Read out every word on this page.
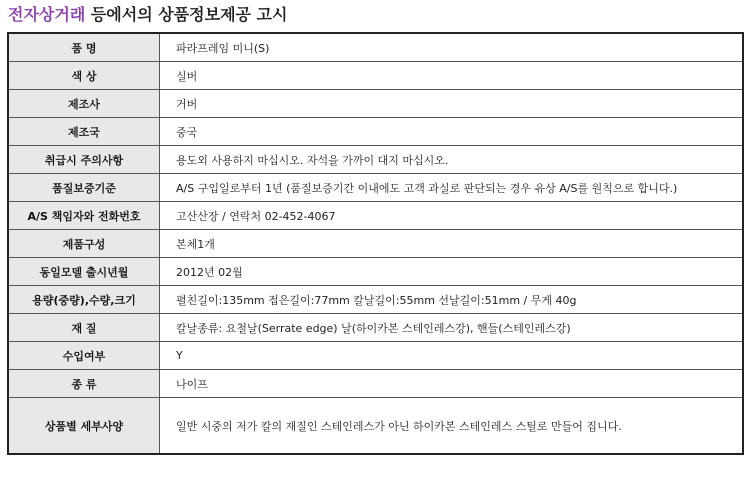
전자상거래 등에서의 상품정보제공 고시
품 명	파라프레임 미니(S)
색 상	실버
제조사	거버
제조국	중국
취급시 주의사항	용도외 사용하지 마십시오. 자석을 가까이 대지 마십시오.
품질보증기준	A/S 구입일로부터 1년 (품질보증기간 이내에도 고객 과실로 판단되는 경우 유상 A/S를 원칙으로 합니다.)
A/S 책임자와 전화번호	고산산장 / 연락처 02-452-4067
제품구성	본체1개
동일모델 출시년월	2012년 02월
용량(중량),수량,크기	펼친길이:135mm 접은길이:77mm 칼날길이:55mm 선날길이:51mm / 무게 40g
재 질	칼날종류: 요철날(Serrate edge) 날(하이카본 스테인레스강), 핸들(스테인레스강)
수입여부	Y
종 류	나이프
상품별 세부사양	일반 시중의 저가 칼의 재질인 스테인레스가 아닌 하이카본 스테인레스 스틸로 만들어 집니다.
